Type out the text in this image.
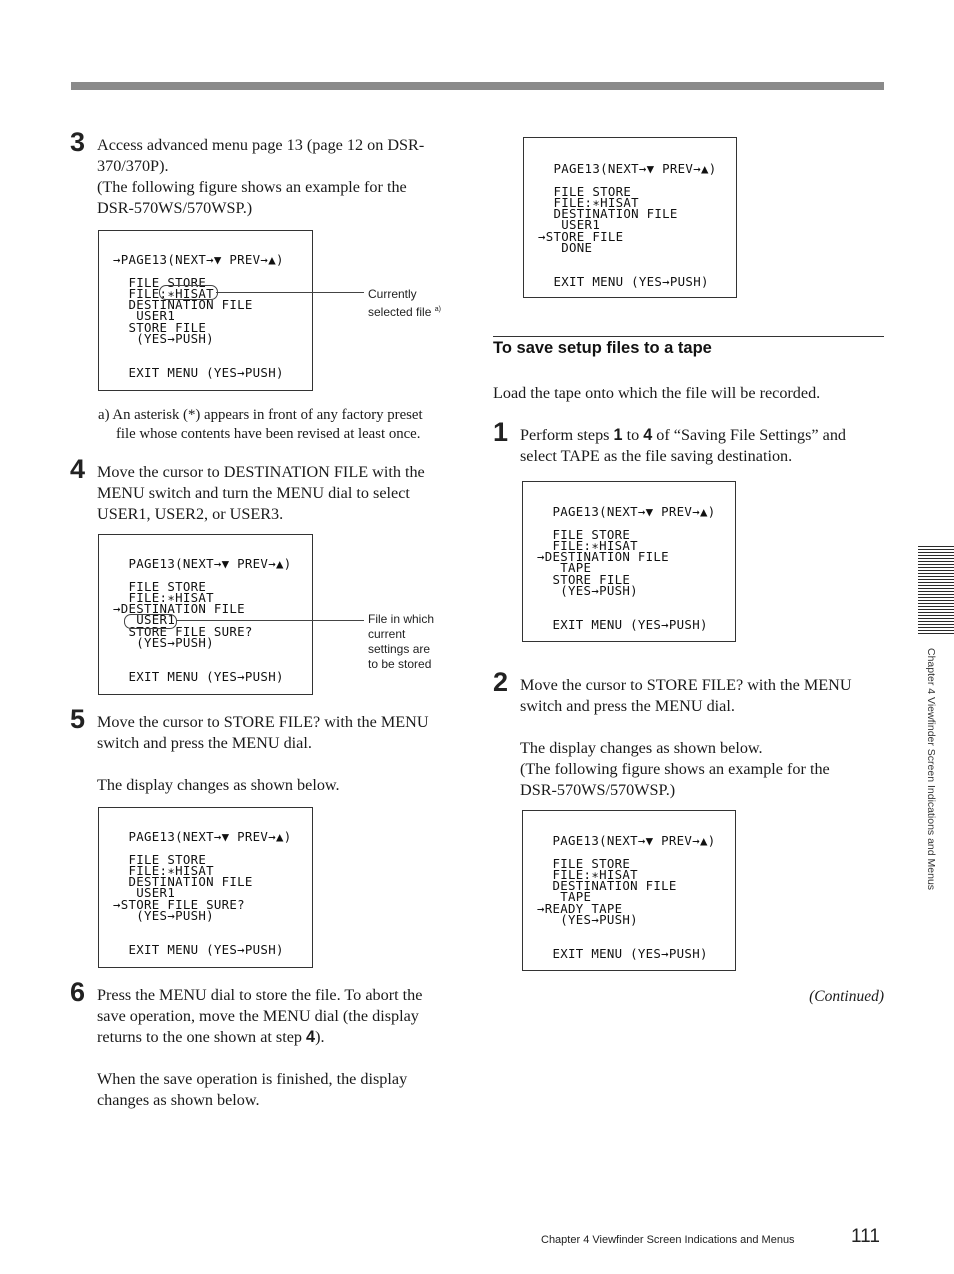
3 Access advanced menu page 13 (page 12 on DSR-

370/370P).

(The following figure shows an example for the

DSR-570WS/570WSP.)

→PAGE13(NEXT→▼ PREV→▲)

FILE STORE
FILE:∗HISAT
DESTINATION FILE
USER1
STORE FILE
(YES→PUSH)

EXIT MENU (YES→PUSH)
Currently
selected file $^{a)}$
a) An asterisk (*) appears in front of any factory preset
file whose contents have been revised at least once.
4 Move the cursor to DESTINATION FILE with the

MENU switch and turn the MENU dial to select

USER1, USER2, or USER3.

PAGE13(NEXT→▼ PREV→▲)

FILE STORE
FILE:∗HISAT
→DESTINATION FILE
USER1
STORE FILE SURE?
(YES→PUSH)

EXIT MENU (YES→PUSH)
File in which
current
settings are
to be stored
5 Move the cursor to STORE FILE? with the MENU

switch and press the MENU dial.

The display changes as shown below.

PAGE13(NEXT→▼ PREV→▲)

FILE STORE
FILE:∗HISAT
DESTINATION FILE
USER1
→STORE FILE SURE?
(YES→PUSH)

EXIT MENU (YES→PUSH)
6 Press the MENU dial to store the file. To abort the

save operation, move the MENU dial (the display

returns to the one shown at step 4).

When the save operation is finished, the display

changes as shown below.

PAGE13(NEXT→▼ PREV→▲)

FILE STORE
FILE:∗HISAT
DESTINATION FILE
USER1
→STORE FILE
DONE

EXIT MENU (YES→PUSH)
To save setup files to a tape
Load the tape onto which the file will be recorded.
1 Perform steps 1 to 4 of “Saving File Settings” and

select TAPE as the file saving destination.

PAGE13(NEXT→▼ PREV→▲)

FILE STORE
FILE:∗HISAT
→DESTINATION FILE
TAPE
STORE FILE
(YES→PUSH)

EXIT MENU (YES→PUSH)
2 Move the cursor to STORE FILE? with the MENU

switch and press the MENU dial.

The display changes as shown below.

(The following figure shows an example for the

DSR-570WS/570WSP.)

PAGE13(NEXT→▼ PREV→▲)

FILE STORE
FILE:∗HISAT
DESTINATION FILE
TAPE
→READY TAPE
(YES→PUSH)

EXIT MENU (YES→PUSH)
(Continued)
Chapter 4 Viewfinder Screen Indications and Menus
Chapter 4 Viewfinder Screen Indications and Menus	111
